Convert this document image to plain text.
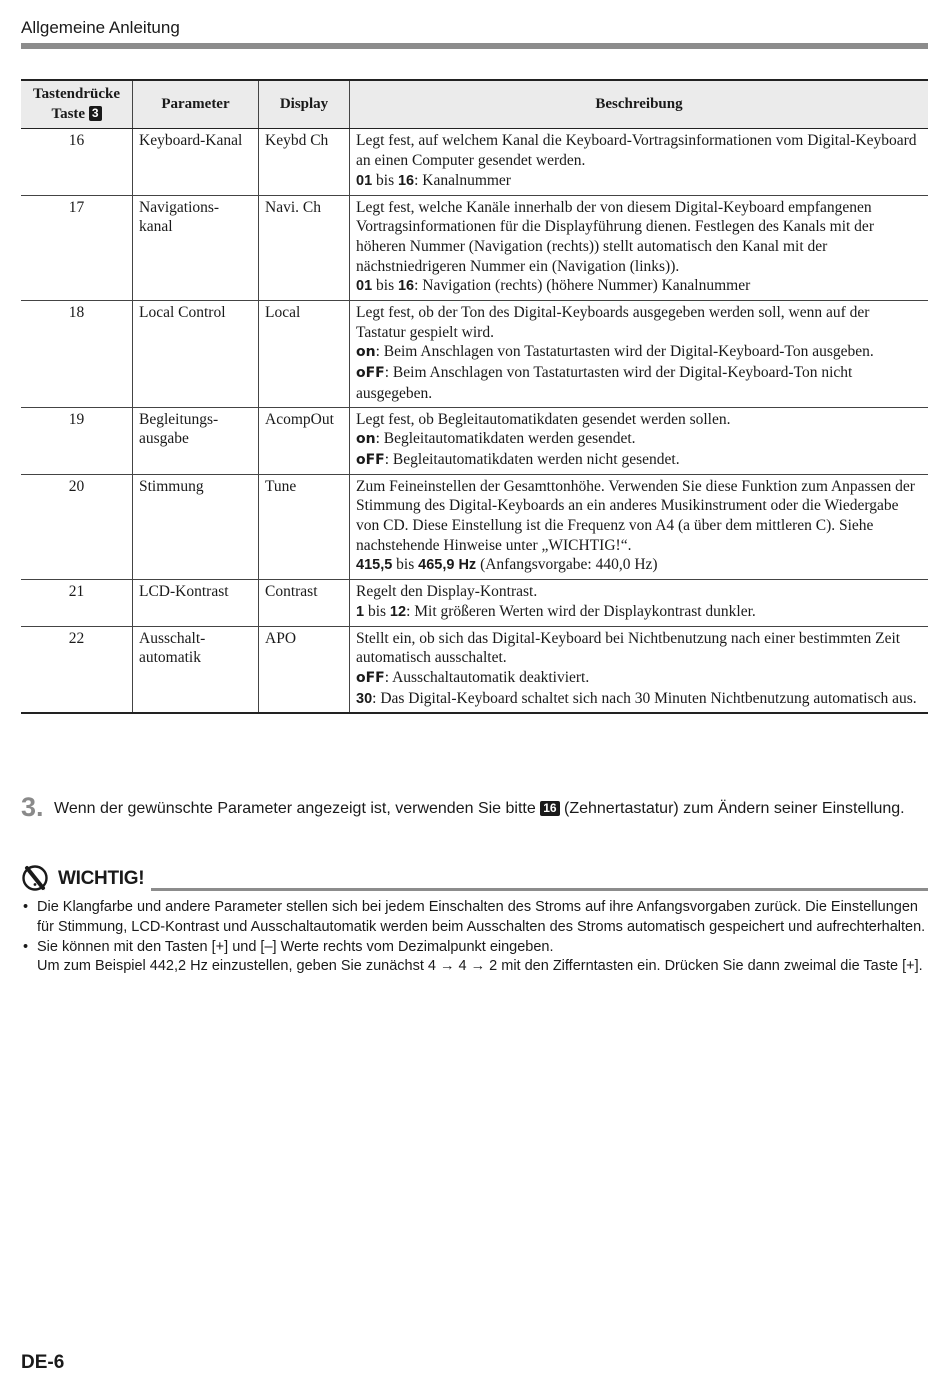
Allgemeine Anleitung
Tastendrücke
Taste 3	Parameter	Display	Beschreibung
16	Keyboard-Kanal	Keybd Ch	Legt fest, auf welchem Kanal die Keyboard-Vortragsinformationen vom Digital-Keyboard an einen Computer gesendet werden.
01 bis 16: Kanalnummer

17	Navigations-kanal	Navi. Ch	Legt fest, welche Kanäle innerhalb der von diesem Digital-Keyboard empfangenen Vortragsinformationen für die Displayführung dienen. Festlegen des Kanals mit der höheren Nummer (Navigation (rechts)) stellt automatisch den Kanal mit der nächstniedrigeren Nummer ein (Navigation (links)).
01 bis 16: Navigation (rechts) (höhere Nummer) Kanalnummer

18	Local Control	Local	Legt fest, ob der Ton des Digital-Keyboards ausgegeben werden soll, wenn auf der Tastatur gespielt wird.
on: Beim Anschlagen von Tastaturtasten wird der Digital-Keyboard-Ton ausgeben.
oFF: Beim Anschlagen von Tastaturtasten wird der Digital-Keyboard-Ton nicht ausgegeben.

19	Begleitungs-ausgabe	AcompOut	Legt fest, ob Begleitautomatikdaten gesendet werden sollen.
on: Begleitautomatikdaten werden gesendet.
oFF: Begleitautomatikdaten werden nicht gesendet.

20	Stimmung	Tune	Zum Feineinstellen der Gesamttonhöhe. Verwenden Sie diese Funktion zum Anpassen der Stimmung des Digital-Keyboards an ein anderes Musikinstrument oder die Wiedergabe von CD. Diese Einstellung ist die Frequenz von A4 (a über dem mittleren C). Siehe nachstehende Hinweise unter „WICHTIG!“.
415,5 bis 465,9 Hz (Anfangsvorgabe: 440,0 Hz)

21	LCD-Kontrast	Contrast	Regelt den Display-Kontrast.
1 bis 12: Mit größeren Werten wird der Displaykontrast dunkler.

22	Ausschalt-automatik	APO	Stellt ein, ob sich das Digital-Keyboard bei Nichtbenutzung nach einer bestimmten Zeit automatisch ausschaltet.
oFF: Ausschaltautomatik deaktiviert.
30: Das Digital-Keyboard schaltet sich nach 30 Minuten Nichtbenutzung automatisch aus.
3. Wenn der gewünschte Parameter angezeigt ist, verwenden Sie bitte 16 (Zehnertastatur) zum Ändern seiner Einstellung.
WICHTIG!
• Die Klangfarbe und andere Parameter stellen sich bei jedem Einschalten des Stroms auf ihre Anfangsvorgaben zurück. Die Einstellungen für Stimmung, LCD-Kontrast und Ausschaltautomatik werden beim Ausschalten des Stroms automatisch gespeichert und aufrechterhalten.
• Sie können mit den Tasten [+] und [–] Werte rechts vom Dezimalpunkt eingeben.
Um zum Beispiel 442,2 Hz einzustellen, geben Sie zunächst 4 → 4 → 2 mit den Zifferntasten ein. Drücken Sie dann zweimal die Taste [+].
DE-6
